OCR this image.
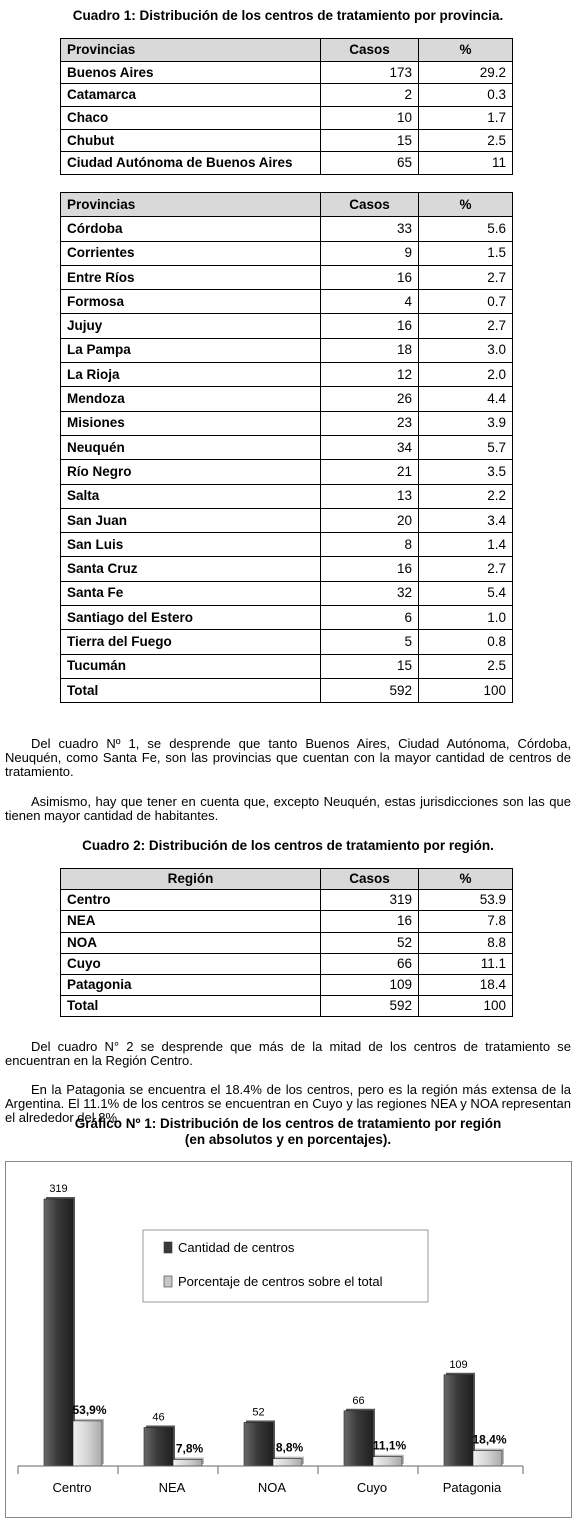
Cuadro 1: Distribución de los centros de tratamiento por provincia.
Provincias	Casos	%
Buenos Aires	173	29.2
Catamarca	2	0.3
Chaco	10	1.7
Chubut	15	2.5
Ciudad Autónoma de Buenos Aires	65	11
Provincias	Casos	%
Córdoba	33	5.6
Corrientes	9	1.5
Entre Ríos	16	2.7
Formosa	4	0.7
Jujuy	16	2.7
La Pampa	18	3.0
La Rioja	12	2.0
Mendoza	26	4.4
Misiones	23	3.9
Neuquén	34	5.7
Río Negro	21	3.5
Salta	13	2.2
San Juan	20	3.4
San Luis	8	1.4
Santa Cruz	16	2.7
Santa Fe	32	5.4
Santiago del Estero	6	1.0
Tierra del Fuego	5	0.8
Tucumán	15	2.5
Total	592	100
Del cuadro Nº 1, se desprende que tanto Buenos Aires, Ciudad Autónoma, Córdoba, Neuquén, como Santa Fe, son las provincias que cuentan con la mayor cantidad de centros de tratamiento.
Asimismo, hay que tener en cuenta que, excepto Neuquén, estas jurisdicciones son las que tienen mayor cantidad de habitantes.
Cuadro 2: Distribución de los centros de tratamiento por región.
Región	Casos	%
Centro	319	53.9
NEA	16	7.8
NOA	52	8.8
Cuyo	66	11.1
Patagonia	109	18.4
Total	592	100
Del cuadro N° 2 se desprende que más de la mitad de los centros de tratamiento se encuentran en la Región Centro.
En la Patagonia se encuentra el 18.4% de los centros, pero es la región más extensa de la Argentina. El 11.1% de los centros se encuentran en Cuyo y las regiones NEA y NOA representan el alrededor del 8%.
Gráfico Nº 1: Distribución de los centros de tratamiento por región
(en absolutos y en porcentajes).
319
53,9%
46
7,8%
52
8,8%
66
11,1%
109
18,4%
Centro	NEA	NOA	Cuyo	Patagonia
Cantidad de centros
Porcentaje de centros sobre el total
